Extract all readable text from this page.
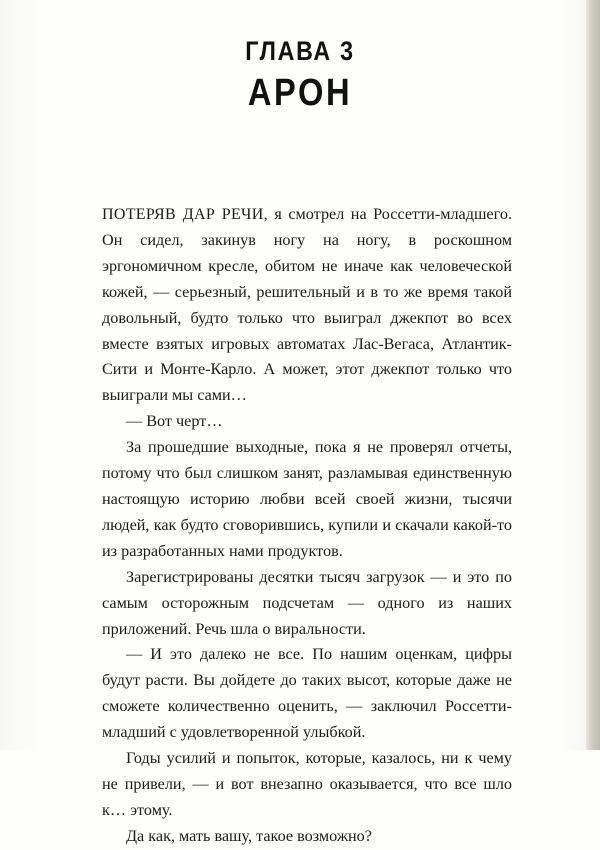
ГЛАВА 3
АРОН

ПОТЕРЯВ ДАР РЕЧИ, я смотрел на Россетти-младшего. Он сидел, закинув ногу на ногу, в роскошном эргономичном кресле, обитом не иначе как человеческой кожей, — серьезный, решительный и в то же время такой довольный, будто только что выиграл джекпот во всех вместе взятых игровых автоматах Лас-Вегаса, Атлантик-Сити и Монте-Карло. А может, этот джекпот только что выиграли мы сами…

— Вот черт…

За прошедшие выходные, пока я не проверял отчеты, потому что был слишком занят, разламывая единственную настоящую историю любви всей своей жизни, тысячи людей, как будто сговорившись, купили и скачали какой-то из разработанных нами продуктов.

Зарегистрированы десятки тысяч загрузок — и это по самым осторожным подсчетам — одного из наших приложений. Речь шла о виральности.

— И это далеко не все. По нашим оценкам, цифры будут расти. Вы дойдете до таких высот, которые даже не сможете количественно оценить, — заключил Россетти-младший с удовлетворенной улыбкой.

Годы усилий и попыток, которые, казалось, ни к чему не привели, — и вот внезапно оказывается, что все шло к… этому.

Да как, мать вашу, такое возможно?
